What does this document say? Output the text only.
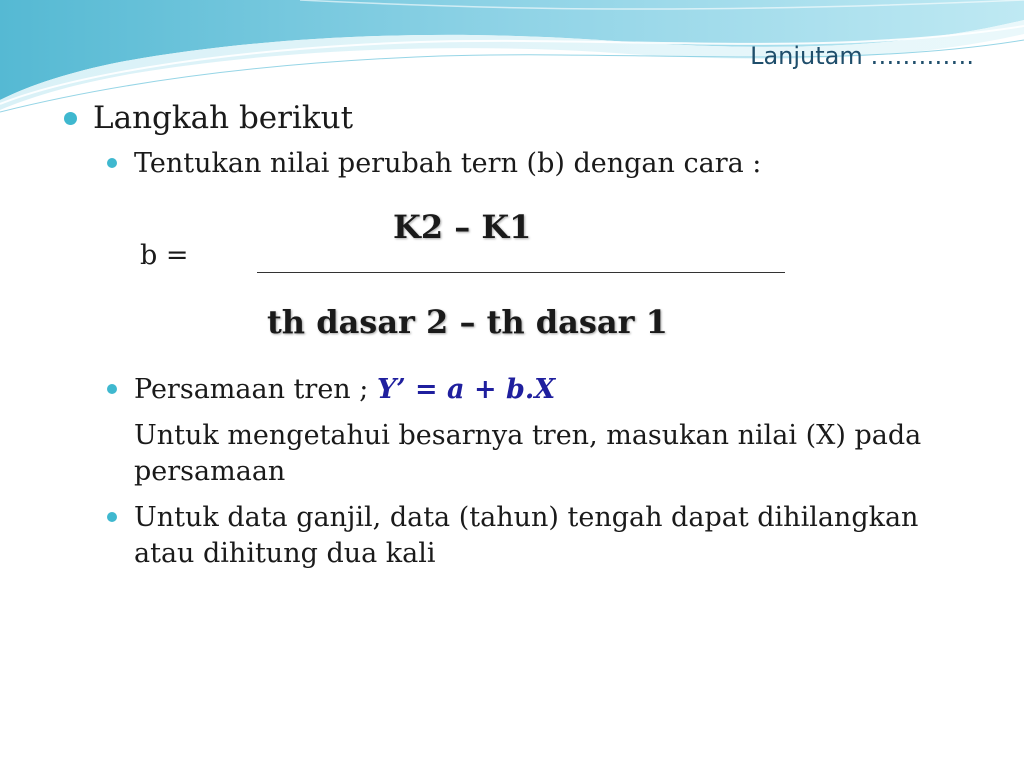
Lanjutam ………….
Langkah berikut
Tentukan nilai perubah tern (b) dengan cara :
b =
K2 – K1
th dasar 2 – th dasar 1
Persamaan tren ; Y’ = a + b.X
Untuk mengetahui besarnya tren, masukan nilai (X) pada persamaan
Untuk data ganjil, data (tahun) tengah dapat dihilangkan atau dihitung dua kali
